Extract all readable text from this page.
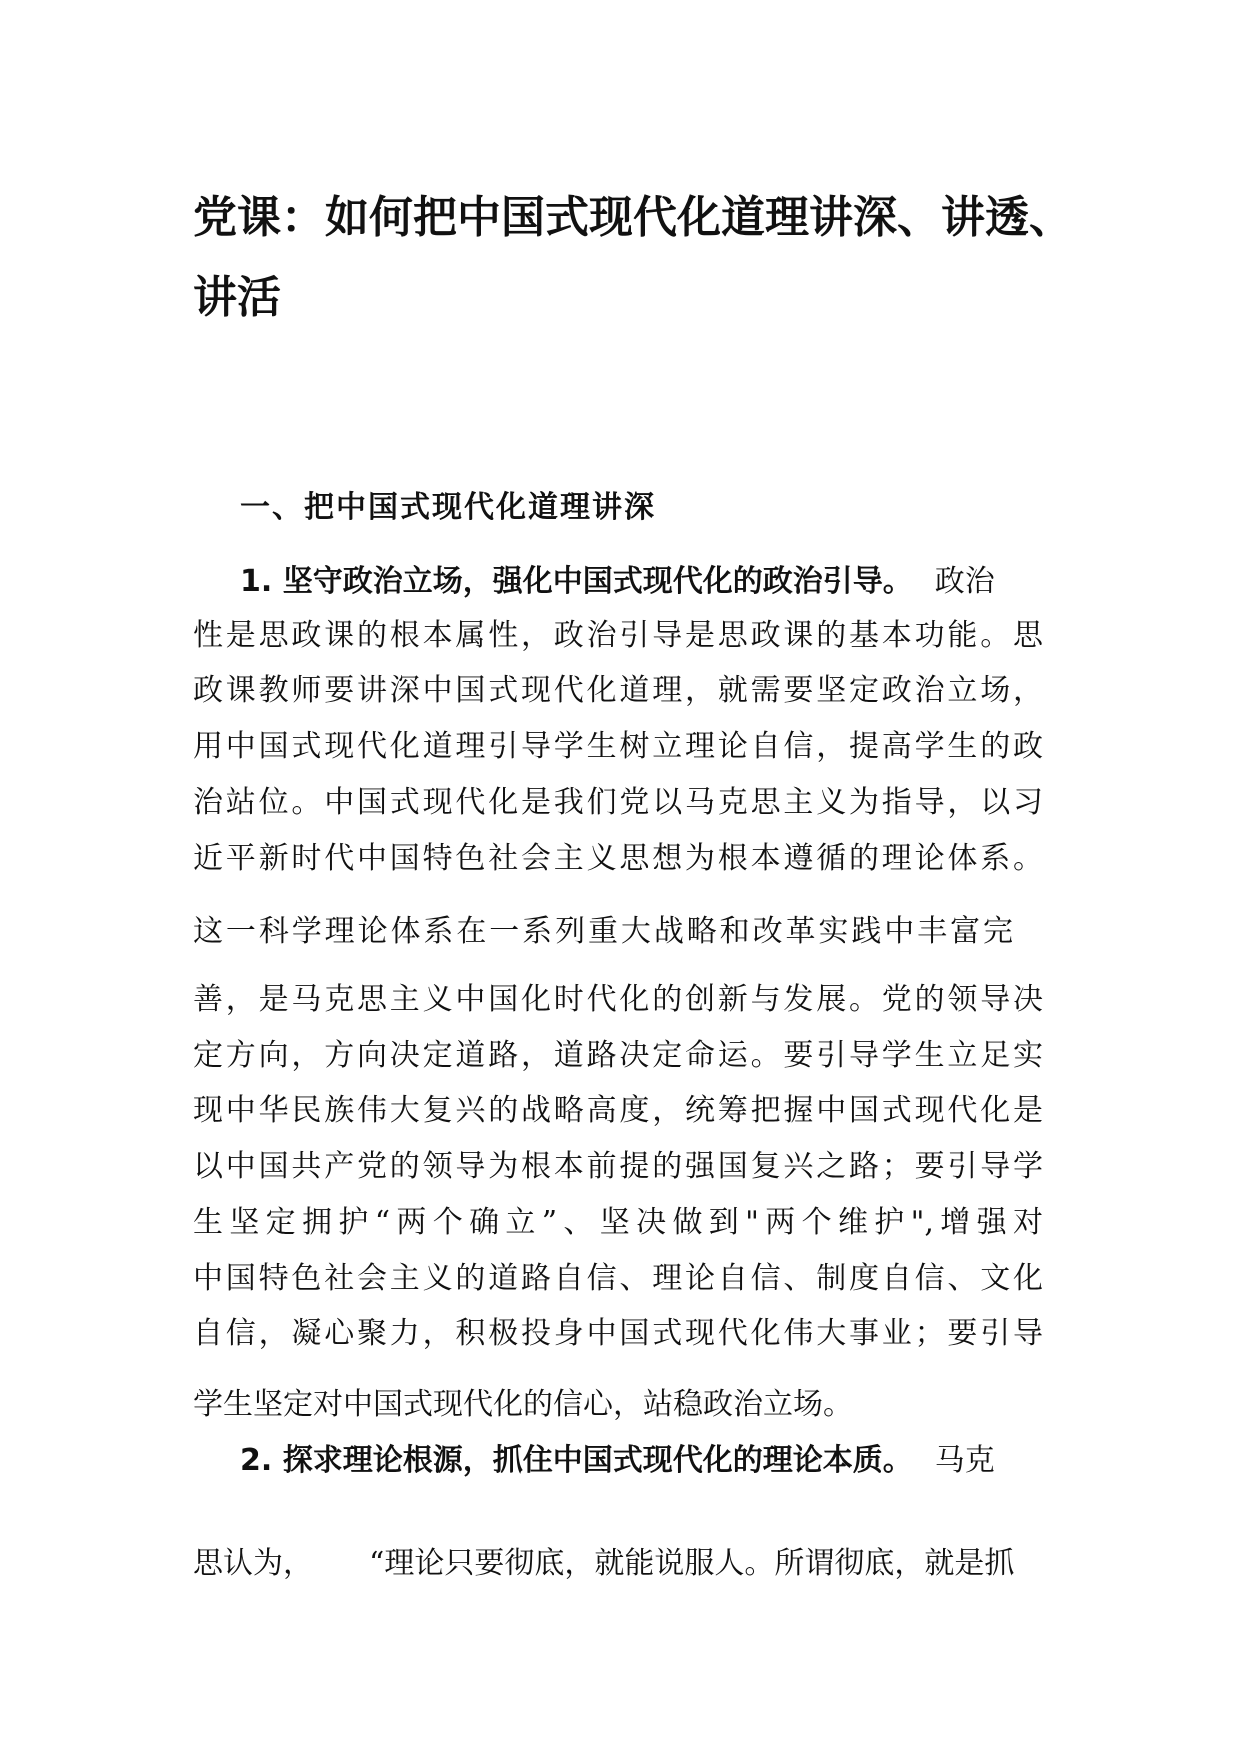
党课：如何把中国式现代化道理讲深、讲透、
讲活
一、把中国式现代化道理讲深
1. 坚守政治立场，强化中国式现代化的政治引导。 政治
性是思政课的根本属性，政治引导是思政课的基本功能。思
政课教师要讲深中国式现代化道理，就需要坚定政治立场，
用中国式现代化道理引导学生树立理论自信，提高学生的政
治站位。中国式现代化是我们党以马克思主义为指导，以习
近平新时代中国特色社会主义思想为根本遵循的理论体系。
这一科学理论体系在一系列重大战略和改革实践中丰富完
善，是马克思主义中国化时代化的创新与发展。党的领导决
定方向，方向决定道路，道路决定命运。要引导学生立足实
现中华民族伟大复兴的战略高度，统筹把握中国式现代化是
以中国共产党的领导为根本前提的强国复兴之路；要引导学
生坚定拥护“两个确立”、坚决做到"两个维护",增强对
中国特色社会主义的道路自信、理论自信、制度自信、文化
自信，凝心聚力，积极投身中国式现代化伟大事业；要引导
学生坚定对中国式现代化的信心，站稳政治立场。
2. 探求理论根源，抓住中国式现代化的理论本质。 马克
思认为， “理论只要彻底，就能说服人。所谓彻底，就是抓
